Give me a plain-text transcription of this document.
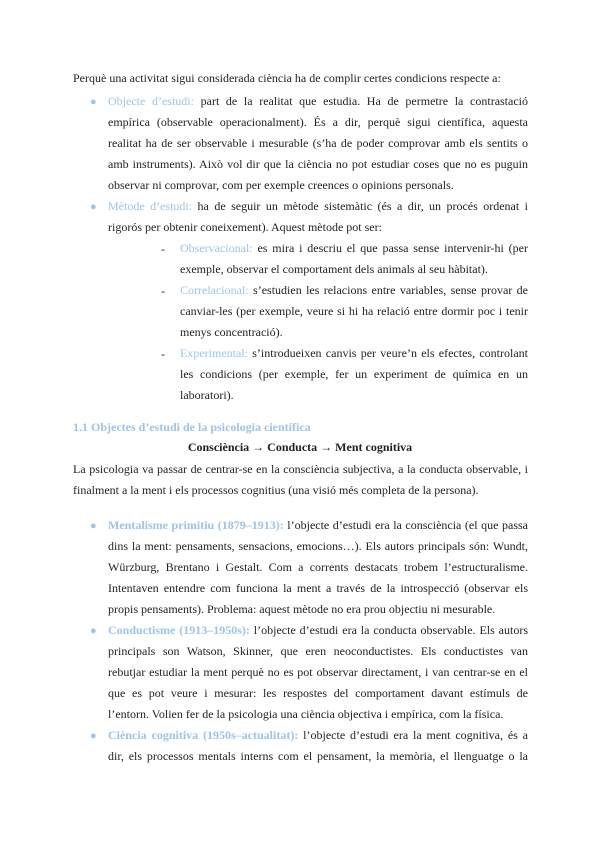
Perquè una activitat sigui considerada ciència ha de complir certes condicions respecte a:
● Objecte d’estudi: part de la realitat que estudia. Ha de permetre la contrastació
empírica (observable operacionalment). És a dir, perquè sigui científica, aquesta
realitat ha de ser observable i mesurable (s’ha de poder comprovar amb els sentits o
amb instruments). Això vol dir que la ciència no pot estudiar coses que no es puguin
observar ni comprovar, com per exemple creences o opinions personals.
● Mètode d’estudi: ha de seguir un mètode sistemàtic (és a dir, un procés ordenat i
rigorós per obtenir coneixement). Aquest mètode pot ser:
- Observacional: es mira i descriu el que passa sense intervenir-hi (per
exemple, observar el comportament dels animals al seu hàbitat).
- Correlacional: s’estudien les relacions entre variables, sense provar de
canviar-les (per exemple, veure si hi ha relació entre dormir poc i tenir
menys concentració).
- Experimental: s’introdueixen canvis per veure’n els efectes, controlant
les condicions (per exemple, fer un experiment de química en un
laboratori).
1.1 Objectes d’estudi de la psicologia científica
Consciència → Conducta → Ment cognitiva
La psicologia va passar de centrar-se en la consciència subjectiva, a la conducta observable, i
finalment a la ment i els processos cognitius (una visió més completa de la persona).
● Mentalisme primitiu (1879–1913): l’objecte d’estudi era la consciència (el que passa
dins la ment: pensaments, sensacions, emocions…). Els autors principals són: Wundt,
Würzburg, Brentano i Gestalt. Com a corrents destacats trobem l’estructuralisme.
Intentaven entendre com funciona la ment a través de la introspecció (observar els
propis pensaments). Problema: aquest mètode no era prou objectiu ni mesurable.
● Conductisme (1913–1950s): l’objecte d’estudi era la conducta observable. Els autors
principals son Watson, Skinner, que eren neoconductistes. Els conductistes van
rebutjar estudiar la ment perquè no es pot observar directament, i van centrar-se en el
que es pot veure i mesurar: les respostes del comportament davant estímuls de
l’entorn. Volien fer de la psicologia una ciència objectiva i empírica, com la física.
● Ciència cognitiva (1950s–actualitat): l’objecte d’estudi era la ment cognitiva, és a
dir, els processos mentals interns com el pensament, la memòria, el llenguatge o la
